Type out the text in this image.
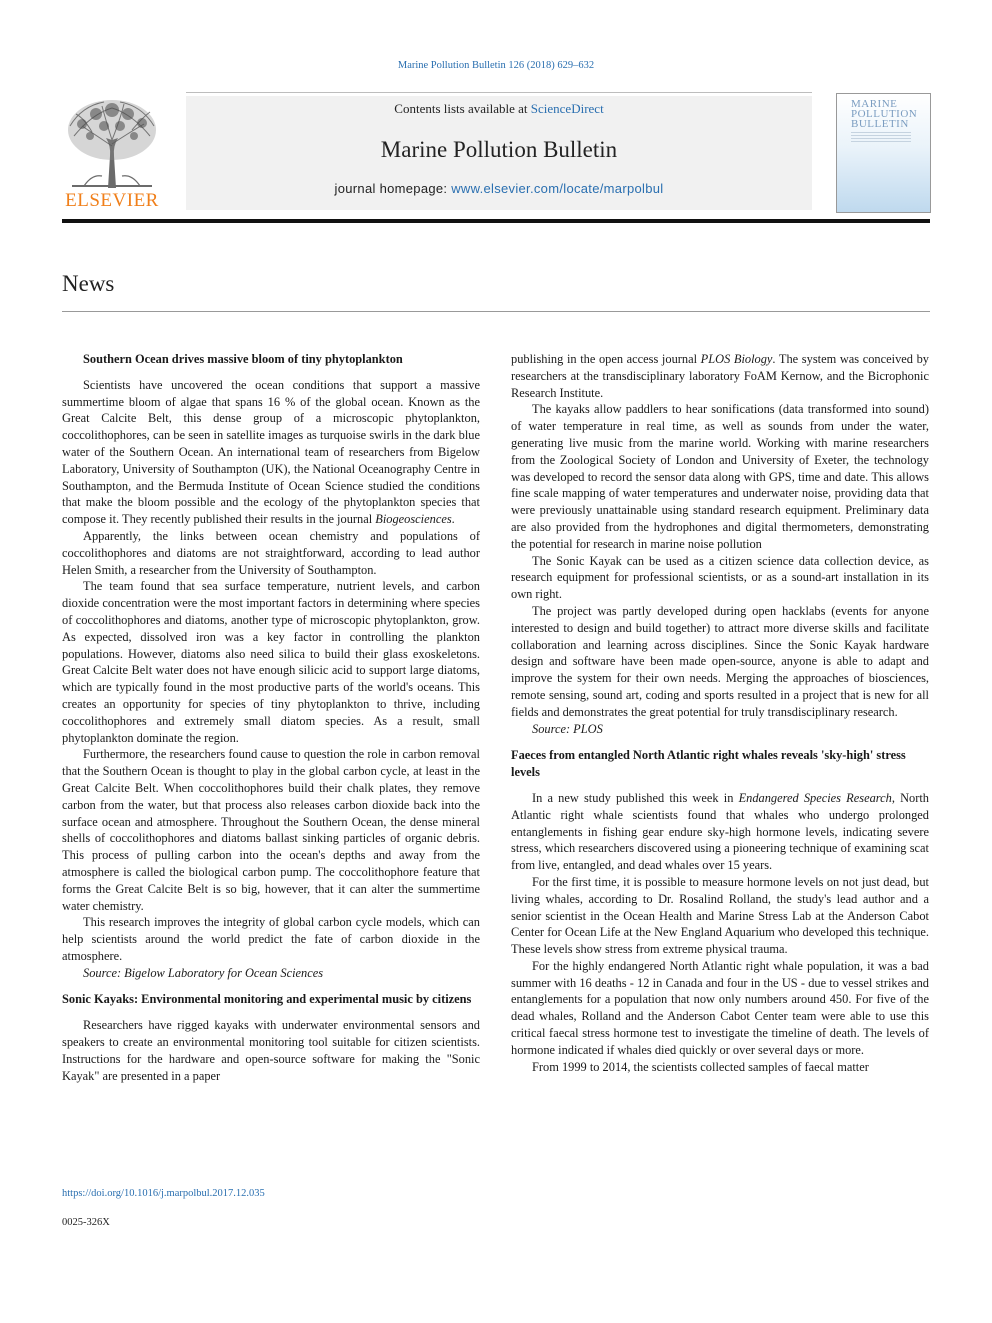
Marine Pollution Bulletin 126 (2018) 629–632
ELSEVIER
Contents lists available at ScienceDirect
Marine Pollution Bulletin
journal homepage: www.elsevier.com/locate/marpolbul
MARINE POLLUTION BULLETIN
News
Southern Ocean drives massive bloom of tiny phytoplankton

Scientists have uncovered the ocean conditions that support a massive summertime bloom of algae that spans 16 % of the global ocean. Known as the Great Calcite Belt, this dense group of a microscopic phytoplankton, coccolithophores, can be seen in satellite images as turquoise swirls in the dark blue water of the Southern Ocean. An international team of researchers from Bigelow Laboratory, University of Southampton (UK), the National Oceanography Centre in Southampton, and the Bermuda Institute of Ocean Science studied the conditions that make the bloom possible and the ecology of the phytoplankton species that compose it. They recently published their results in the journal Biogeosciences.

Apparently, the links between ocean chemistry and populations of coccolithophores and diatoms are not straightforward, according to lead author Helen Smith, a researcher from the University of Southampton.

The team found that sea surface temperature, nutrient levels, and carbon dioxide concentration were the most important factors in determining where species of coccolithophores and diatoms, another type of microscopic phytoplankton, grow. As expected, dissolved iron was a key factor in controlling the plankton populations. However, diatoms also need silica to build their glass exoskeletons. Great Calcite Belt water does not have enough silicic acid to support large diatoms, which are typically found in the most productive parts of the world's oceans. This creates an opportunity for species of tiny phytoplankton to thrive, including coccolithophores and extremely small diatom species. As a result, small phytoplankton dominate the region.

Furthermore, the researchers found cause to question the role in carbon removal that the Southern Ocean is thought to play in the global carbon cycle, at least in the Great Calcite Belt. When coccolithophores build their chalk plates, they remove carbon from the water, but that process also releases carbon dioxide back into the surface ocean and atmosphere. Throughout the Southern Ocean, the dense mineral shells of coccolithophores and diatoms ballast sinking particles of organic debris. This process of pulling carbon into the ocean's depths and away from the atmosphere is called the biological carbon pump. The coccolithophore feature that forms the Great Calcite Belt is so big, however, that it can alter the summertime water chemistry.

This research improves the integrity of global carbon cycle models, which can help scientists around the world predict the fate of carbon dioxide in the atmosphere.

Source: Bigelow Laboratory for Ocean Sciences

Sonic Kayaks: Environmental monitoring and experimental music by citizens

Researchers have rigged kayaks with underwater environmental sensors and speakers to create an environmental monitoring tool suitable for citizen scientists. Instructions for the hardware and open-source software for making the "Sonic Kayak" are presented in a paper

publishing in the open access journal PLOS Biology. The system was conceived by researchers at the transdisciplinary laboratory FoAM Kernow, and the Bicrophonic Research Institute.

The kayaks allow paddlers to hear sonifications (data transformed into sound) of water temperature in real time, as well as sounds from under the water, generating live music from the marine world. Working with marine researchers from the Zoological Society of London and University of Exeter, the technology was developed to record the sensor data along with GPS, time and date. This allows fine scale mapping of water temperatures and underwater noise, providing data that were previously unattainable using standard research equipment. Preliminary data are also provided from the hydrophones and digital thermometers, demonstrating the potential for research in marine noise pollution

The Sonic Kayak can be used as a citizen science data collection device, as research equipment for professional scientists, or as a sound-art installation in its own right.

The project was partly developed during open hacklabs (events for anyone interested to design and build together) to attract more diverse skills and facilitate collaboration and learning across disciplines. Since the Sonic Kayak hardware design and software have been made open-source, anyone is able to adapt and improve the system for their own needs. Merging the approaches of biosciences, remote sensing, sound art, coding and sports resulted in a project that is new for all fields and demonstrates the great potential for truly transdisciplinary research.

Source: PLOS

Faeces from entangled North Atlantic right whales reveals 'sky-high' stress levels

In a new study published this week in Endangered Species Research, North Atlantic right whale scientists found that whales who undergo prolonged entanglements in fishing gear endure sky-high hormone levels, indicating severe stress, which researchers discovered using a pioneering technique of examining scat from live, entangled, and dead whales over 15 years.

For the first time, it is possible to measure hormone levels on not just dead, but living whales, according to Dr. Rosalind Rolland, the study's lead author and a senior scientist in the Ocean Health and Marine Stress Lab at the Anderson Cabot Center for Ocean Life at the New England Aquarium who developed this technique. These levels show stress from extreme physical trauma.

For the highly endangered North Atlantic right whale population, it was a bad summer with 16 deaths - 12 in Canada and four in the US - due to vessel strikes and entanglements for a population that now only numbers around 450. For five of the dead whales, Rolland and the Anderson Cabot Center team were able to use this critical faecal stress hormone test to investigate the timeline of death. The levels of hormone indicated if whales died quickly or over several days or more.

From 1999 to 2014, the scientists collected samples of faecal matter

https://doi.org/10.1016/j.marpolbul.2017.12.035
0025-326X
